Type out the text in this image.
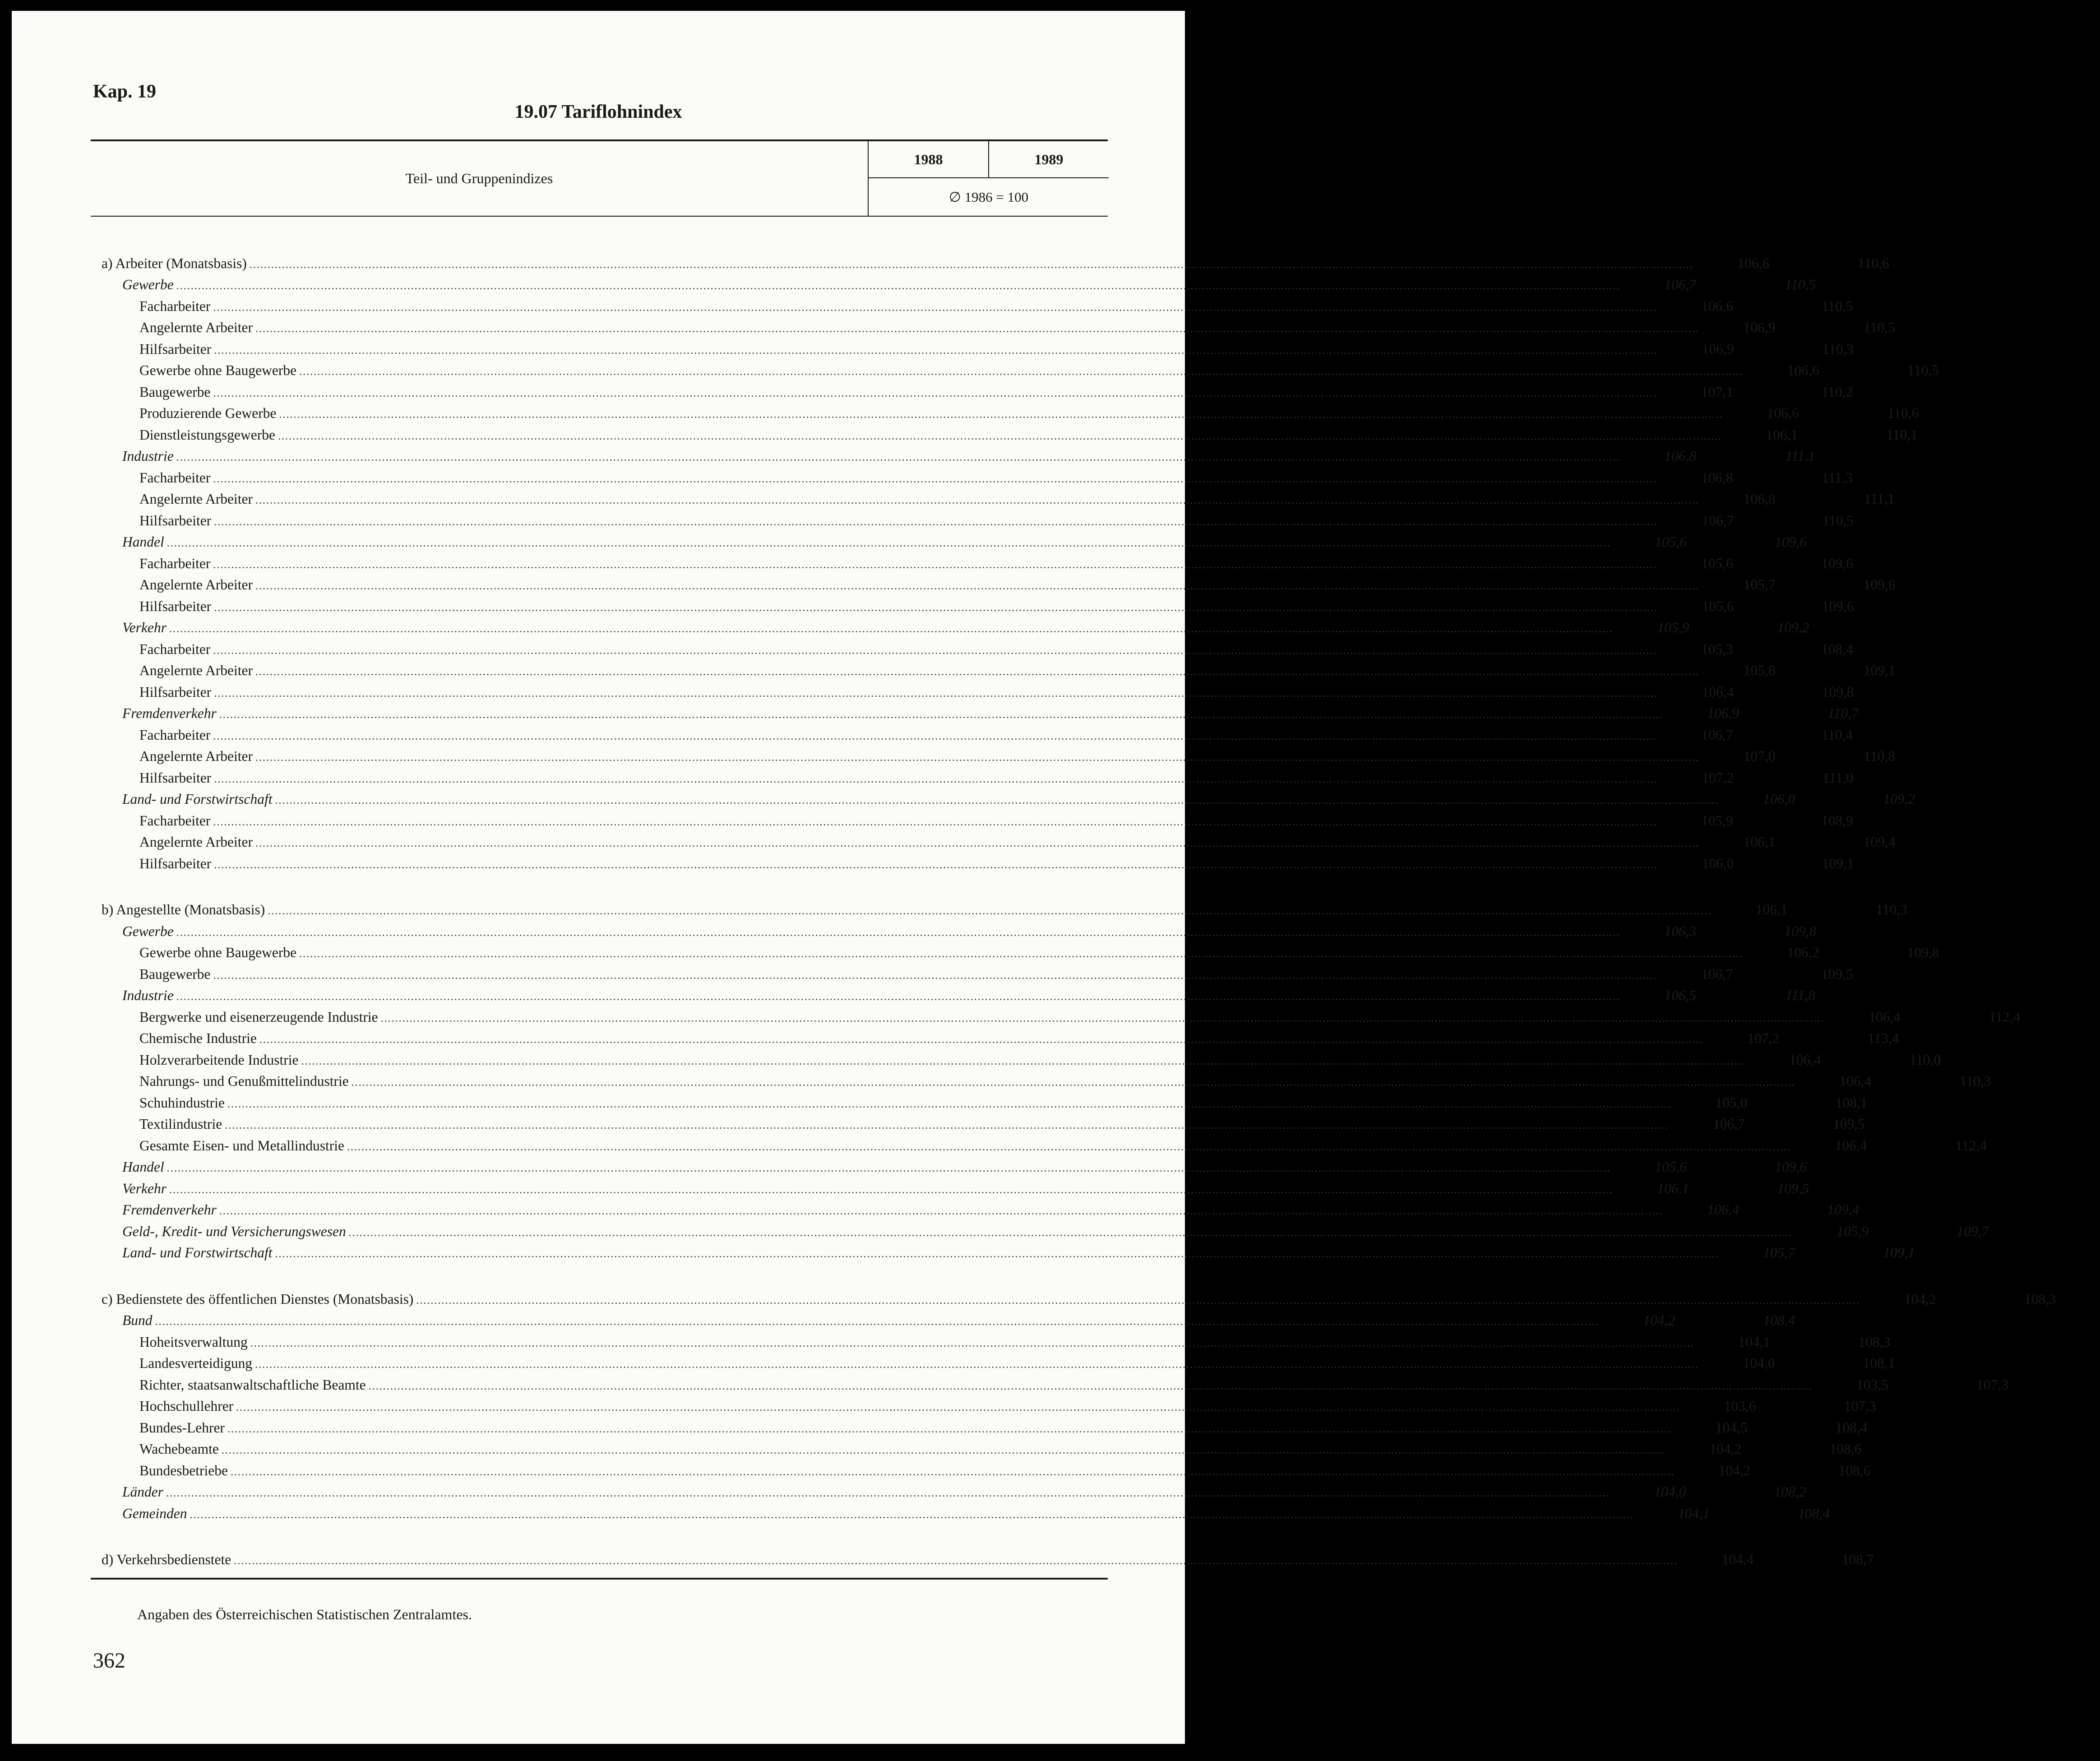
Kap. 19
19.07 Tariflohnindex
Teil- und Gruppenindizes
1988	1989
∅ 1986 = 100
a) Arbeiter (Monatsbasis) ................................................................................................................................................................................................................................................................................................................................................................................................................	106,6	110,6
Gewerbe ................................................................................................................................................................................................................................................................................................................................................................................................................	106,7	110,5
Facharbeiter ................................................................................................................................................................................................................................................................................................................................................................................................................	106,6	110,5
Angelernte Arbeiter ................................................................................................................................................................................................................................................................................................................................................................................................................	106,9	110,5
Hilfsarbeiter ................................................................................................................................................................................................................................................................................................................................................................................................................	106,9	110,3
Gewerbe ohne Baugewerbe ................................................................................................................................................................................................................................................................................................................................................................................................................	106,6	110,5
Baugewerbe ................................................................................................................................................................................................................................................................................................................................................................................................................	107,1	110,2
Produzierende Gewerbe ................................................................................................................................................................................................................................................................................................................................................................................................................	106,6	110,6
Dienstleistungsgewerbe ................................................................................................................................................................................................................................................................................................................................................................................................................	106,1	110,1
Industrie ................................................................................................................................................................................................................................................................................................................................................................................................................	106,8	111,1
Facharbeiter ................................................................................................................................................................................................................................................................................................................................................................................................................	106,8	111,3
Angelernte Arbeiter ................................................................................................................................................................................................................................................................................................................................................................................................................	106,8	111,1
Hilfsarbeiter ................................................................................................................................................................................................................................................................................................................................................................................................................	106,7	110,5
Handel ................................................................................................................................................................................................................................................................................................................................................................................................................	105,6	109,6
Facharbeiter ................................................................................................................................................................................................................................................................................................................................................................................................................	105,6	109,6
Angelernte Arbeiter ................................................................................................................................................................................................................................................................................................................................................................................................................	105,7	109,6
Hilfsarbeiter ................................................................................................................................................................................................................................................................................................................................................................................................................	105,6	109,6
Verkehr ................................................................................................................................................................................................................................................................................................................................................................................................................	105,9	109,2
Facharbeiter ................................................................................................................................................................................................................................................................................................................................................................................................................	105,3	108,4
Angelernte Arbeiter ................................................................................................................................................................................................................................................................................................................................................................................................................	105,8	109,1
Hilfsarbeiter ................................................................................................................................................................................................................................................................................................................................................................................................................	106,4	109,8
Fremdenverkehr ................................................................................................................................................................................................................................................................................................................................................................................................................	106,9	110,7
Facharbeiter ................................................................................................................................................................................................................................................................................................................................................................................................................	106,7	110,4
Angelernte Arbeiter ................................................................................................................................................................................................................................................................................................................................................................................................................	107,0	110,8
Hilfsarbeiter ................................................................................................................................................................................................................................................................................................................................................................................................................	107,2	111,0
Land- und Forstwirtschaft ................................................................................................................................................................................................................................................................................................................................................................................................................	106,0	109,2
Facharbeiter ................................................................................................................................................................................................................................................................................................................................................................................................................	105,9	108,9
Angelernte Arbeiter ................................................................................................................................................................................................................................................................................................................................................................................................................	106,1	109,4
Hilfsarbeiter ................................................................................................................................................................................................................................................................................................................................................................................................................	106,0	109,1
b) Angestellte (Monatsbasis) ................................................................................................................................................................................................................................................................................................................................................................................................................	106,1	110,3
Gewerbe ................................................................................................................................................................................................................................................................................................................................................................................................................	106,3	109,8
Gewerbe ohne Baugewerbe ................................................................................................................................................................................................................................................................................................................................................................................................................	106,2	109,8
Baugewerbe ................................................................................................................................................................................................................................................................................................................................................................................................................	106,7	109,5
Industrie ................................................................................................................................................................................................................................................................................................................................................................................................................	106,5	111,8
Bergwerke und eisenerzeugende Industrie ................................................................................................................................................................................................................................................................................................................................................................................................................	106,4	112,4
Chemische Industrie ................................................................................................................................................................................................................................................................................................................................................................................................................	107,2	113,4
Holzverarbeitende Industrie ................................................................................................................................................................................................................................................................................................................................................................................................................	106,4	110,0
Nahrungs- und Genußmittelindustrie ................................................................................................................................................................................................................................................................................................................................................................................................................	106,4	110,3
Schuhindustrie ................................................................................................................................................................................................................................................................................................................................................................................................................	105,0	108,1
Textilindustrie ................................................................................................................................................................................................................................................................................................................................................................................................................	106,7	109,5
Gesamte Eisen- und Metallindustrie ................................................................................................................................................................................................................................................................................................................................................................................................................	106,4	112,4
Handel ................................................................................................................................................................................................................................................................................................................................................................................................................	105,6	109,6
Verkehr ................................................................................................................................................................................................................................................................................................................................................................................................................	106,1	109,5
Fremdenverkehr ................................................................................................................................................................................................................................................................................................................................................................................................................	106,4	109,4
Geld-, Kredit- und Versicherungswesen ................................................................................................................................................................................................................................................................................................................................................................................................................	105,9	109,7
Land- und Forstwirtschaft ................................................................................................................................................................................................................................................................................................................................................................................................................	105,7	109,1
c) Bedienstete des öffentlichen Dienstes (Monatsbasis) ................................................................................................................................................................................................................................................................................................................................................................................................................	104,2	108,3
Bund ................................................................................................................................................................................................................................................................................................................................................................................................................	104,2	108,4
Hoheitsverwaltung ................................................................................................................................................................................................................................................................................................................................................................................................................	104,1	108,3
Landesverteidigung ................................................................................................................................................................................................................................................................................................................................................................................................................	104,0	108,1
Richter, staatsanwaltschaftliche Beamte ................................................................................................................................................................................................................................................................................................................................................................................................................	103,5	107,3
Hochschullehrer ................................................................................................................................................................................................................................................................................................................................................................................................................	103,6	107,3
Bundes-Lehrer ................................................................................................................................................................................................................................................................................................................................................................................................................	104,5	108,4
Wachebeamte ................................................................................................................................................................................................................................................................................................................................................................................................................	104,2	108,6
Bundesbetriebe ................................................................................................................................................................................................................................................................................................................................................................................................................	104,2	108,6
Länder ................................................................................................................................................................................................................................................................................................................................................................................................................	104,0	108,2
Gemeinden ................................................................................................................................................................................................................................................................................................................................................................................................................	104,1	108,4
d) Verkehrsbedienstete ................................................................................................................................................................................................................................................................................................................................................................................................................	104,4	108,7
Angaben des Österreichischen Statistischen Zentralamtes.
362
